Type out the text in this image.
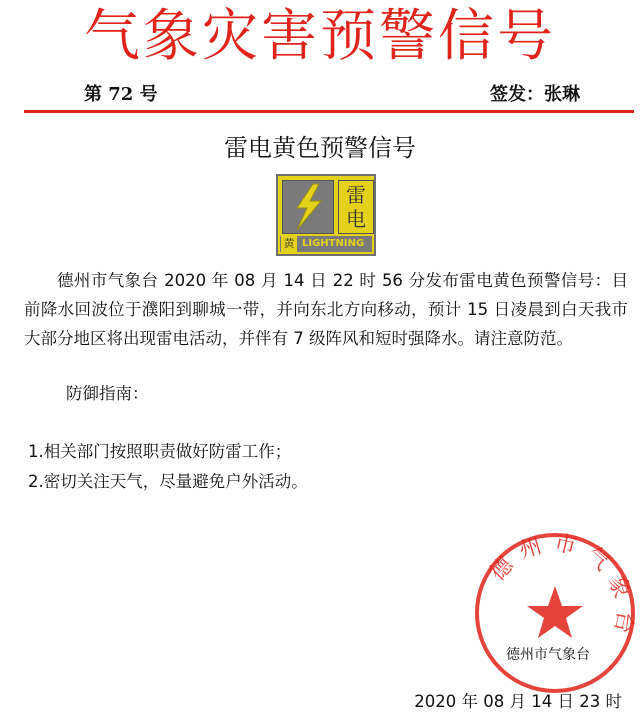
气象灾害预警信号
第 72 号	签发：张琳
雷电黄色预警信号
雷
电
黄 LIGHTNING

德州市气象台 2020 年 08 月 14 日 22 时 56 分发布雷电黄色预警信号：目前降水回波位于濮阳到聊城一带，并向东北方向移动，预计 15 日凌晨到白天我市大部分地区将出现雷电活动，并伴有 7 级阵风和短时强降水。请注意防范。

防御指南：
1.相关部门按照职责做好防雷工作；
2.密切关注天气，尽量避免户外活动。
德州市气象台
德州市气象台
2020 年 08 月 14 日 23 时
